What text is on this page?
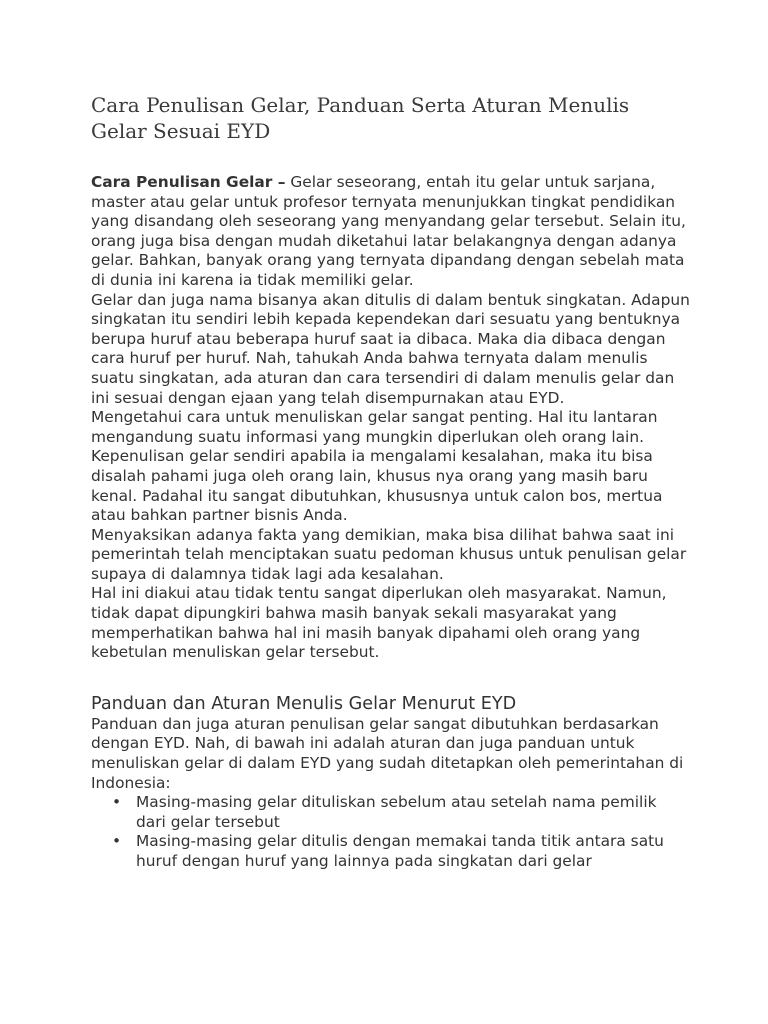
Cara Penulisan Gelar, Panduan Serta Aturan Menulis Gelar Sesuai EYD

Cara Penulisan Gelar – Gelar seseorang, entah itu gelar untuk sarjana, master atau gelar untuk profesor ternyata menunjukkan tingkat pendidikan yang disandang oleh seseorang yang menyandang gelar tersebut. Selain itu, orang juga bisa dengan mudah diketahui latar belakangnya dengan adanya gelar. Bahkan, banyak orang yang ternyata dipandang dengan sebelah mata di dunia ini karena ia tidak memiliki gelar.

Gelar dan juga nama bisanya akan ditulis di dalam bentuk singkatan. Adapun singkatan itu sendiri lebih kepada kependekan dari sesuatu yang bentuknya berupa huruf atau beberapa huruf saat ia dibaca. Maka dia dibaca dengan cara huruf per huruf. Nah, tahukah Anda bahwa ternyata dalam menulis suatu singkatan, ada aturan dan cara tersendiri di dalam menulis gelar dan ini sesuai dengan ejaan yang telah disempurnakan atau EYD.

Mengetahui cara untuk menuliskan gelar sangat penting. Hal itu lantaran mengandung suatu informasi yang mungkin diperlukan oleh orang lain. Kepenulisan gelar sendiri apabila ia mengalami kesalahan, maka itu bisa disalah pahami juga oleh orang lain, khusus nya orang yang masih baru kenal. Padahal itu sangat dibutuhkan, khususnya untuk calon bos, mertua atau bahkan partner bisnis Anda.

Menyaksikan adanya fakta yang demikian, maka bisa dilihat bahwa saat ini pemerintah telah menciptakan suatu pedoman khusus untuk penulisan gelar supaya di dalamnya tidak lagi ada kesalahan.

Hal ini diakui atau tidak tentu sangat diperlukan oleh masyarakat. Namun, tidak dapat dipungkiri bahwa masih banyak sekali masyarakat yang memperhatikan bahwa hal ini masih banyak dipahami oleh orang yang kebetulan menuliskan gelar tersebut.

Panduan dan Aturan Menulis Gelar Menurut EYD

Panduan dan juga aturan penulisan gelar sangat dibutuhkan berdasarkan dengan EYD. Nah, di bawah ini adalah aturan dan juga panduan untuk menuliskan gelar di dalam EYD yang sudah ditetapkan oleh pemerintahan di Indonesia:

• Masing-masing gelar dituliskan sebelum atau setelah nama pemilik dari gelar tersebut
• Masing-masing gelar ditulis dengan memakai tanda titik antara satu huruf dengan huruf yang lainnya pada singkatan dari gelar
